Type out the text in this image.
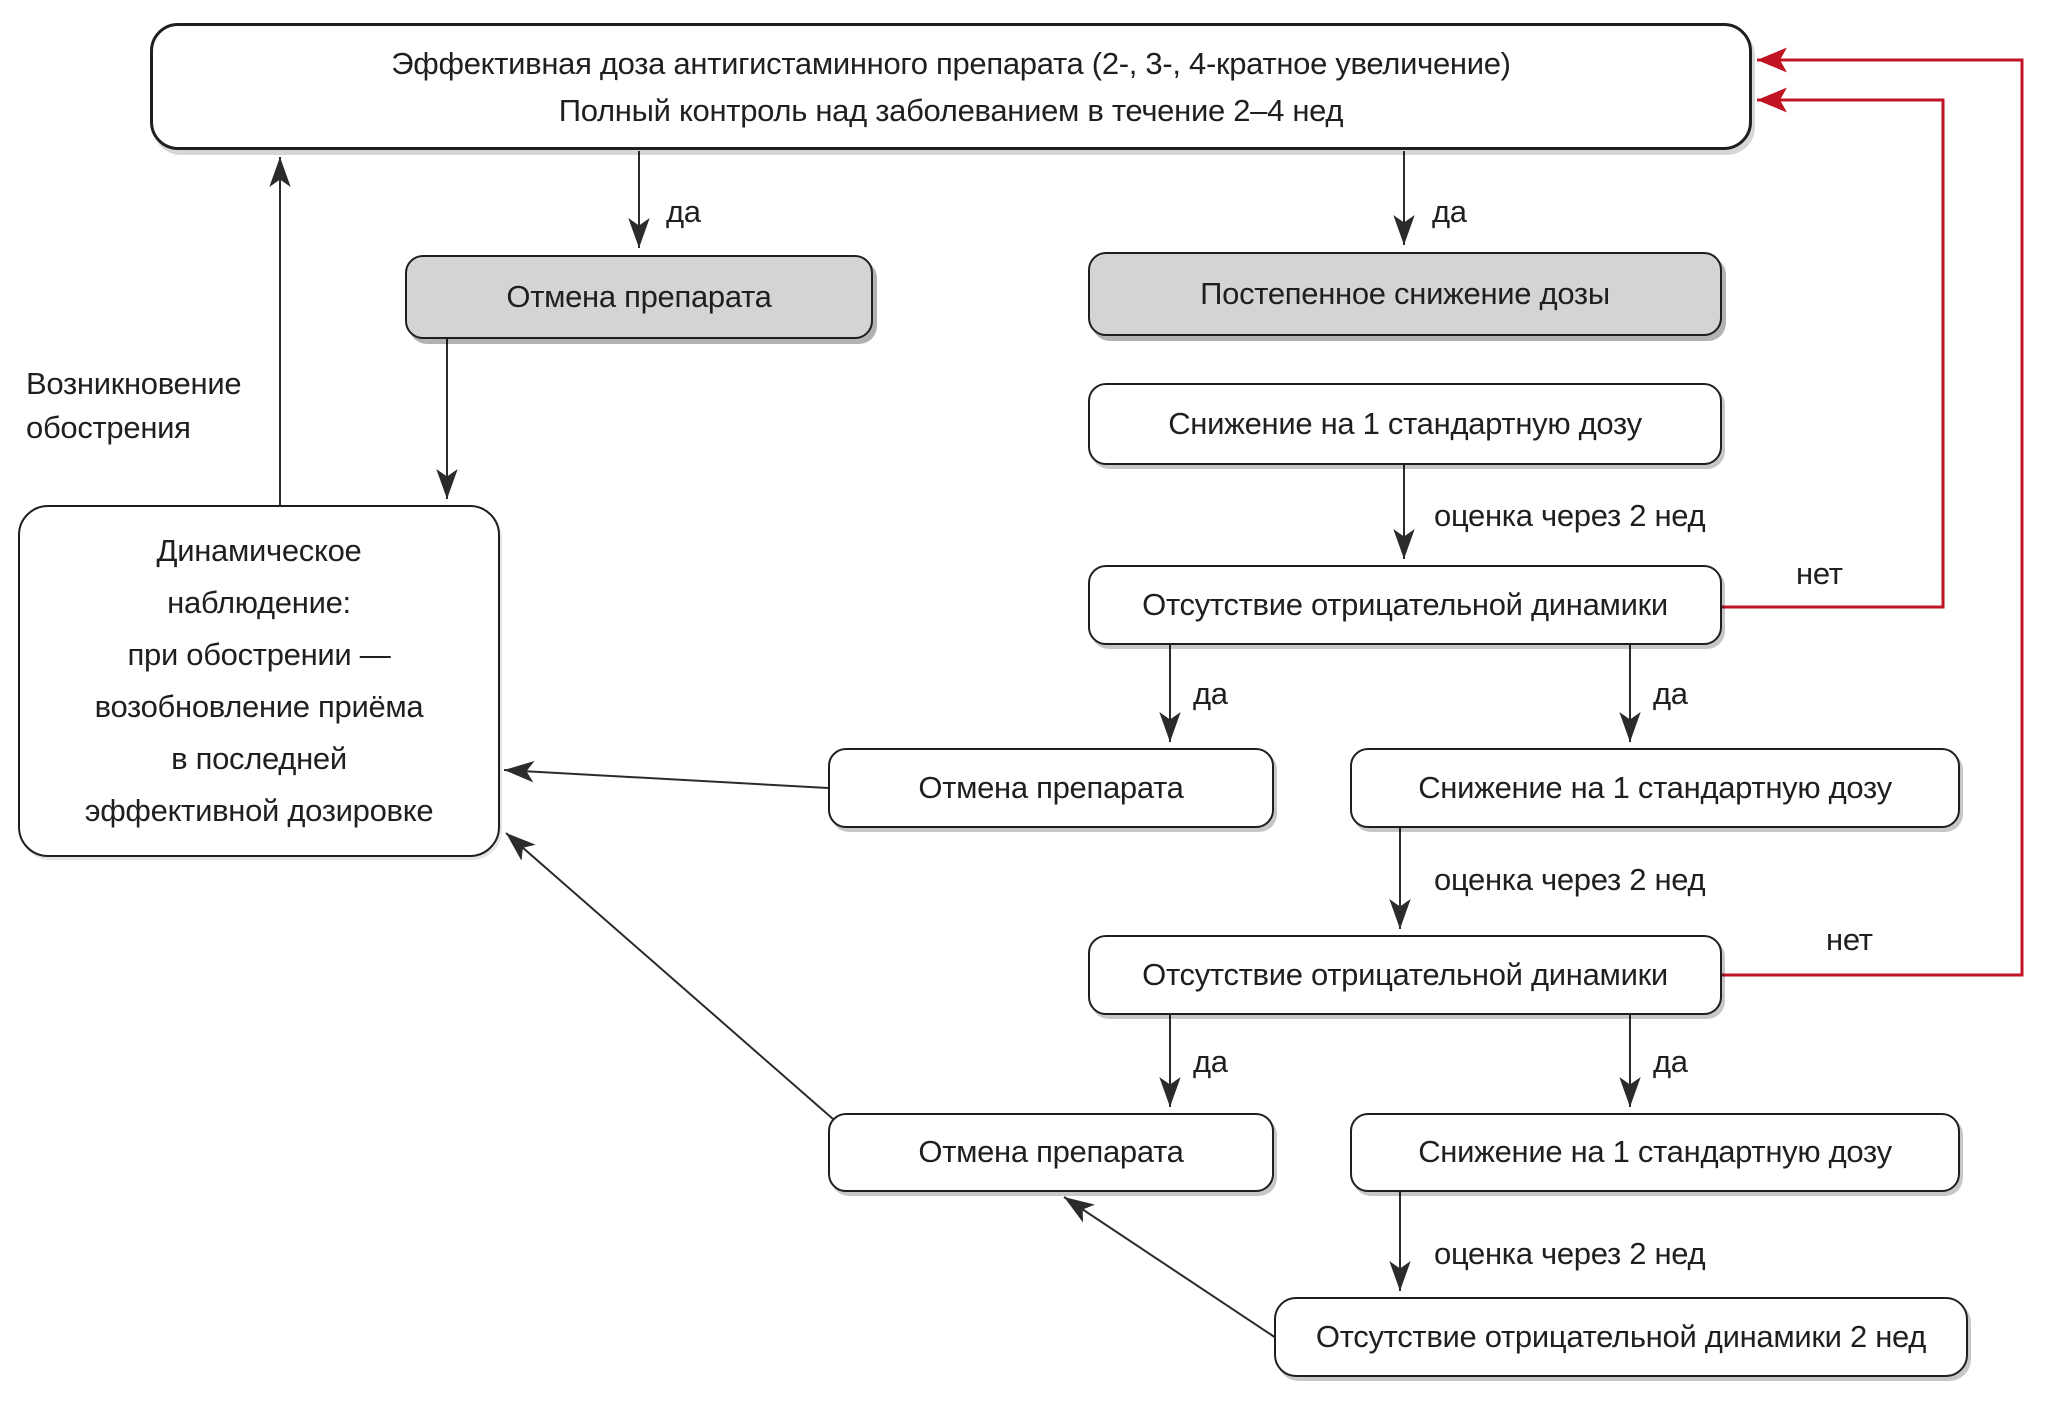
Эффективная доза антигистаминного препарата (2-, 3-, 4-кратное увеличение)
Полный контроль над заболеванием в течение 2–4 нед
Отмена препарата	Постепенное снижение дозы
Снижение на 1 стандартную дозу
Отсутствие отрицательной динамики
Отмена препарата	Снижение на 1 стандартную дозу
Отсутствие отрицательной динамики
Отмена препарата	Снижение на 1 стандартную дозу
Отсутствие отрицательной динамики 2 нед
Динамическое
наблюдение:
при обострении —
возобновление приёма
в последней
эффективной дозировке
Возникновение
обострения
да	да
да	да
да	да
оценка через 2 нед
оценка через 2 нед
оценка через 2 нед
нет
нет
